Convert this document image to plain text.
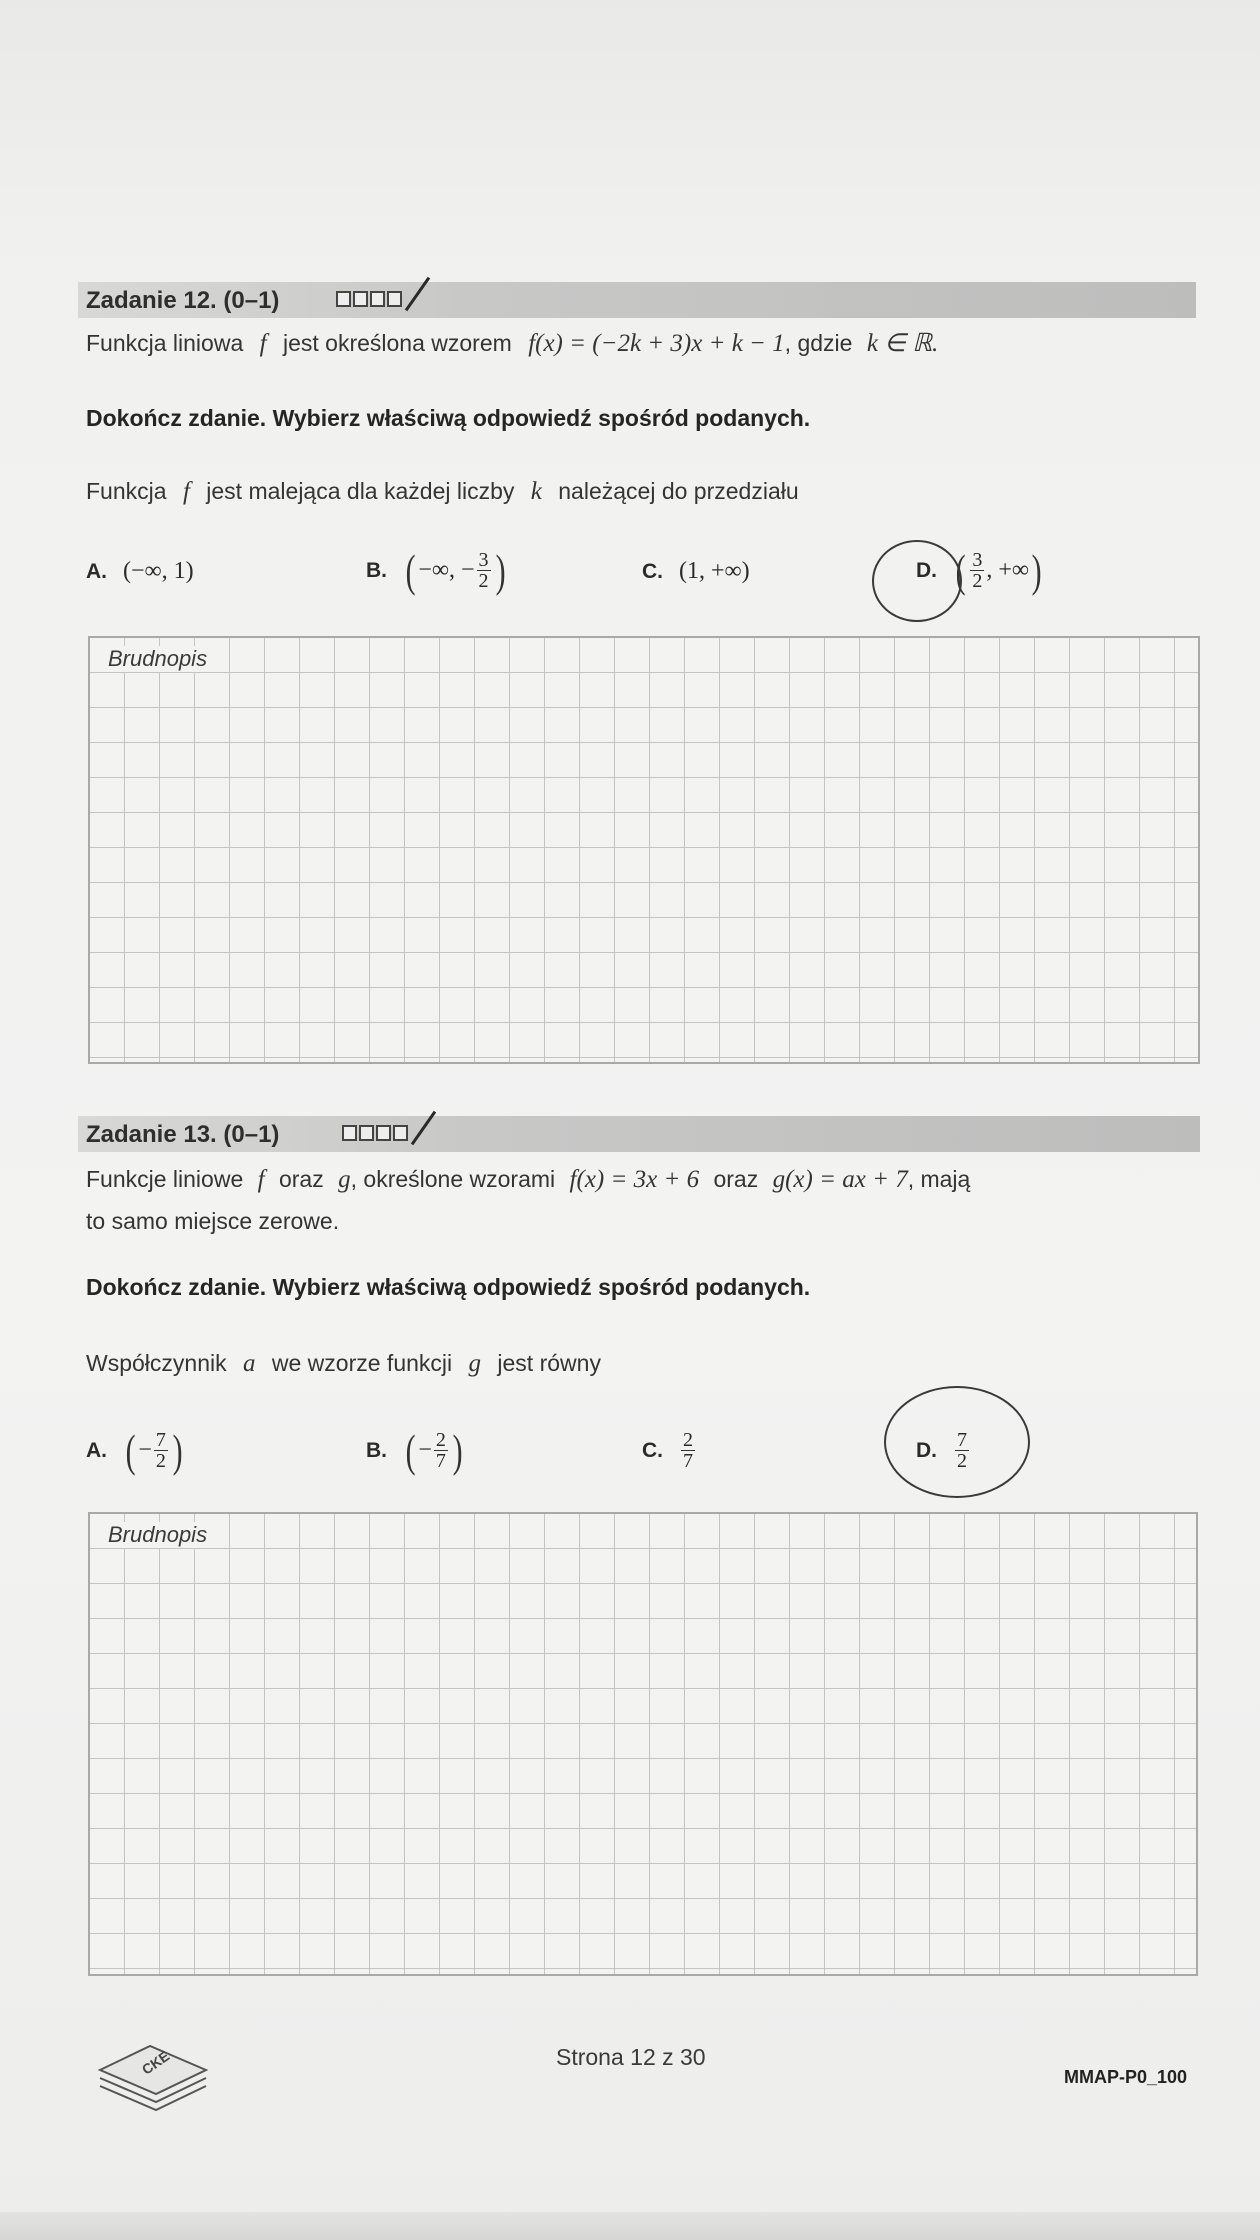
Zadanie 12. (0–1)
Funkcja liniowa f jest określona wzorem f(x) = (−2k + 3)x + k − 1, gdzie k ∈ ℝ.
Dokończ zdanie. Wybierz właściwą odpowiedź spośród podanych.
Funkcja f jest malejąca dla każdej liczby k należącej do przedziału
A. (−∞, 1)	B. ( −∞, − $\frac{3}{2}$ )	C. (1, +∞)	D. ( $\frac{3}{2}$ , +∞ )
Brudnopis
Zadanie 13. (0–1)
Funkcje liniowe f oraz g, określone wzorami f(x) = 3x + 6 oraz g(x) = ax + 7, mają
to samo miejsce zerowe.
Dokończ zdanie. Wybierz właściwą odpowiedź spośród podanych.
Współczynnik a we wzorze funkcji g jest równy
A. ( − $\frac{7}{2}$ )	B. ( − $\frac{2}{7}$ )	C. $\frac{2}{7}$	D. $\frac{7}{2}$
Brudnopis
CKE	Strona 12 z 30
MMAP-P0_100
